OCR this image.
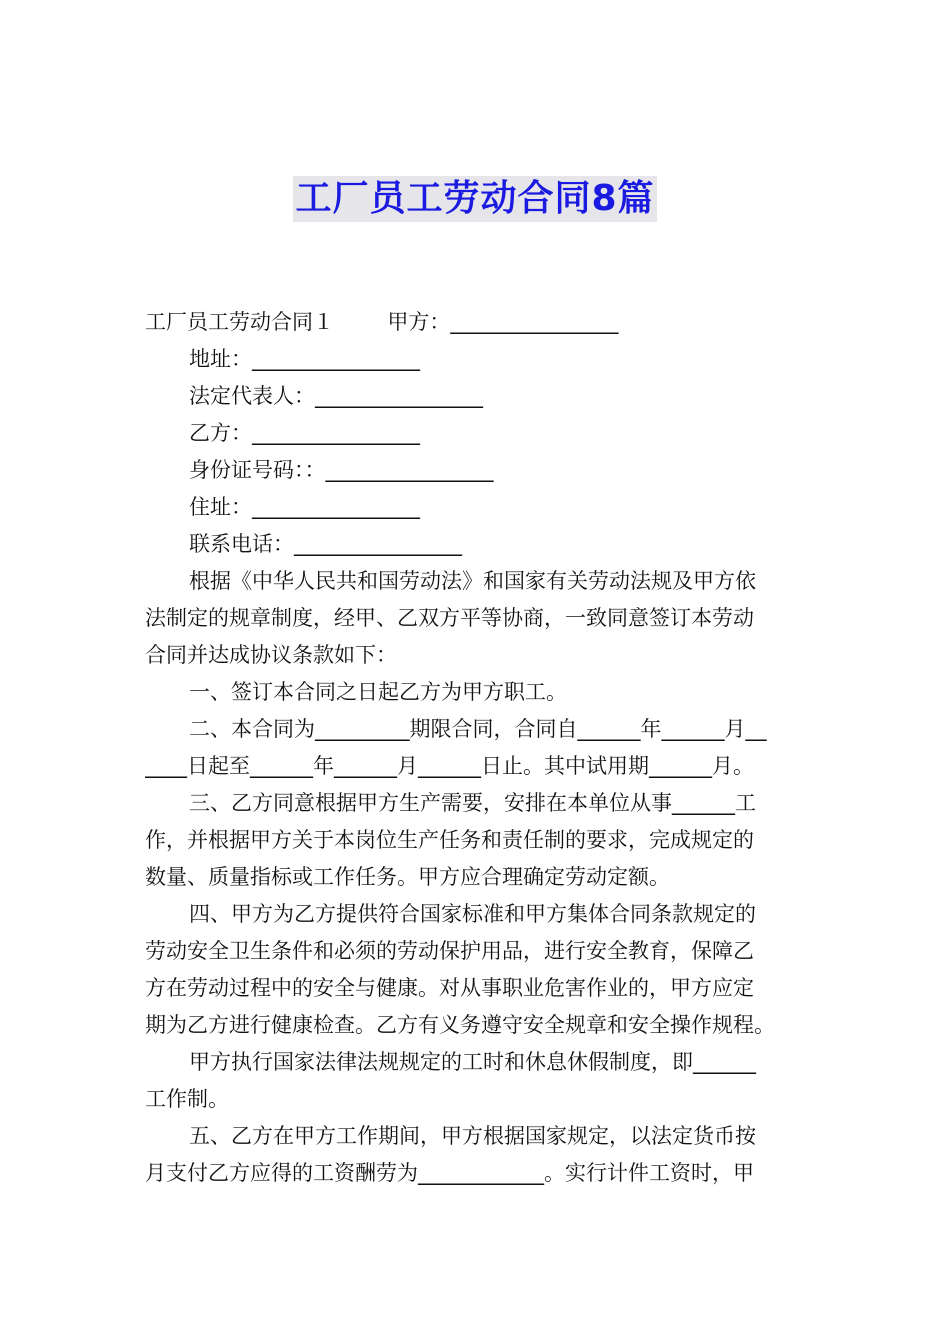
工厂员工劳动合同8篇
工厂员工劳动合同１        甲方：________________
地址：________________
法定代表人：________________
乙方：________________
身份证号码：：________________
住址：________________
联系电话：________________
根据《中华人民共和国劳动法》和国家有关劳动法规及甲方依
法制定的规章制度，经甲、乙双方平等协商，一致同意签订本劳动
合同并达成协议条款如下：
一、签订本合同之日起乙方为甲方职工。
二、本合同为_________期限合同，合同自______年______月__
____日起至______年______月______日止。其中试用期______月。
三、乙方同意根据甲方生产需要，安排在本单位从事______工
作，并根据甲方关于本岗位生产任务和责任制的要求，完成规定的
数量、质量指标或工作任务。甲方应合理确定劳动定额。
四、甲方为乙方提供符合国家标准和甲方集体合同条款规定的
劳动安全卫生条件和必须的劳动保护用品，进行安全教育，保障乙
方在劳动过程中的安全与健康。对从事职业危害作业的，甲方应定
期为乙方进行健康检查。乙方有义务遵守安全规章和安全操作规程。
甲方执行国家法律法规规定的工时和休息休假制度，即______
工作制。
五、乙方在甲方工作期间，甲方根据国家规定，以法定货币按
月支付乙方应得的工资酬劳为____________。实行计件工资时，甲
